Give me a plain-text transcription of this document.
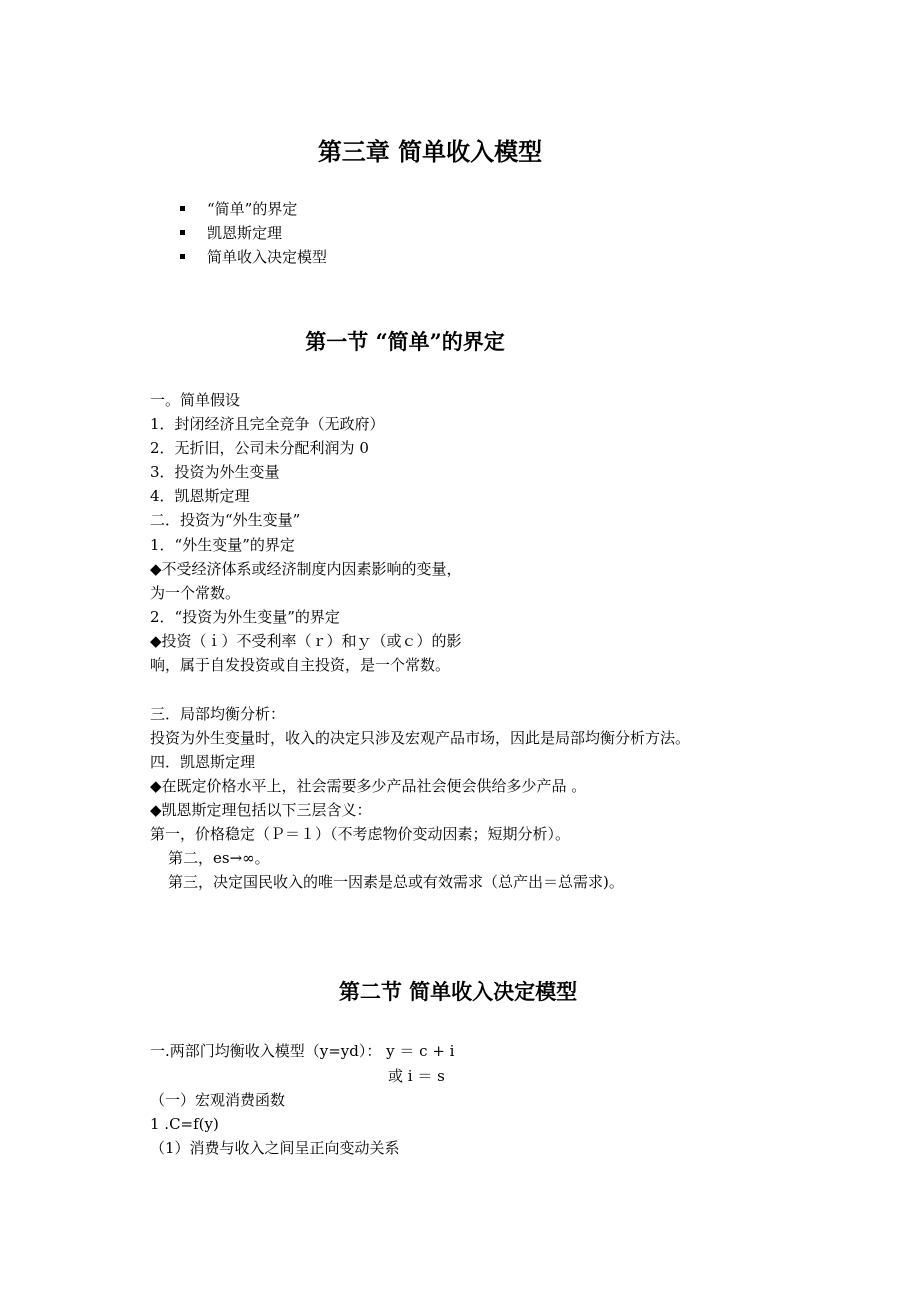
第三章 简单收入模型
“简单”的界定
凯恩斯定理
简单收入决定模型
第一节 “简单”的界定
一。简单假设
1．封闭经济且完全竞争（无政府）
2．无折旧，公司未分配利润为 0
3．投资为外生变量
4．凯恩斯定理
二．投资为“外生变量”
1．“外生变量”的界定
◆不受经济体系或经济制度内因素影响的变量，
为一个常数。
2．“投资为外生变量”的界定
◆投资（ｉ）不受利率（ｒ）和ｙ（或ｃ）的影
响，属于自发投资或自主投资，是一个常数。
三．局部均衡分析：
投资为外生变量时，收入的决定只涉及宏观产品市场，因此是局部均衡分析方法。
四．凯恩斯定理
◆在既定价格水平上，社会需要多少产品社会便会供给多少产品 。
◆凯恩斯定理包括以下三层含义：
第一，价格稳定（Ｐ＝１）（不考虑物价变动因素；短期分析）。
第二，es→∞。
第三，决定国民收入的唯一因素是总或有效需求（总产出＝总需求)。
第二节 简单收入决定模型
一.两部门均衡收入模型（y=yd）： y ＝ c + i
或 i ＝ s
（一）宏观消费函数
1 .C=f(y)
（1）消费与收入之间呈正向变动关系
